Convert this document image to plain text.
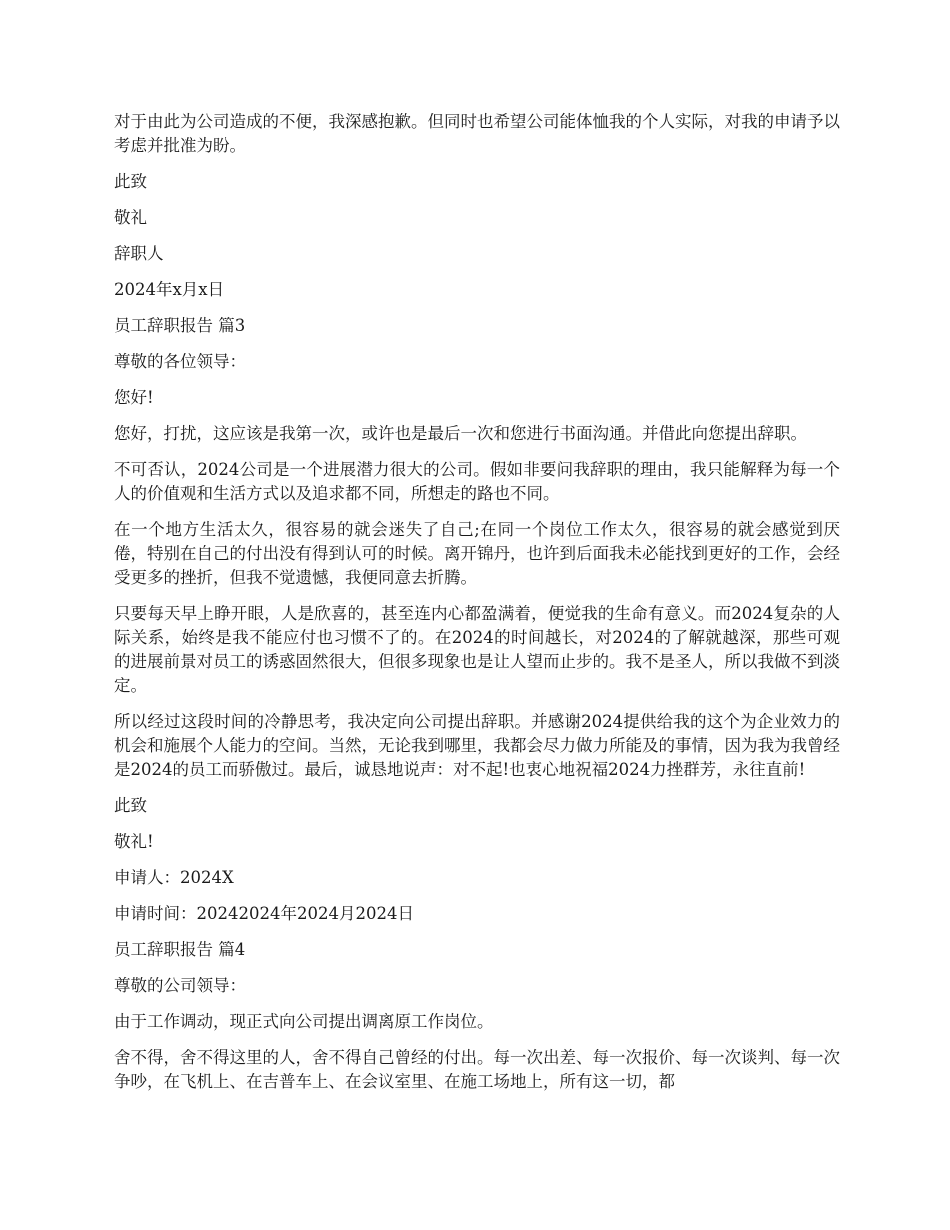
对于由此为公司造成的不便，我深感抱歉。但同时也希望公司能体恤我的个人实际，对我的申请予以考虑并批准为盼。

此致

敬礼

辞职人

2024年x月x日

员工辞职报告 篇3

尊敬的各位领导：

您好!

您好，打扰，这应该是我第一次，或许也是最后一次和您进行书面沟通。并借此向您提出辞职。

不可否认，2024公司是一个进展潜力很大的公司。假如非要问我辞职的理由，我只能解释为每一个人的价值观和生活方式以及追求都不同，所想走的路也不同。

在一个地方生活太久，很容易的就会迷失了自己;在同一个岗位工作太久，很容易的就会感觉到厌倦，特别在自己的付出没有得到认可的时候。离开锦丹，也许到后面我未必能找到更好的工作，会经受更多的挫折，但我不觉遗憾，我便同意去折腾。

只要每天早上睁开眼，人是欣喜的，甚至连内心都盈满着，便觉我的生命有意义。而2024复杂的人际关系，始终是我不能应付也习惯不了的。在2024的时间越长，对2024的了解就越深，那些可观的进展前景对员工的诱惑固然很大，但很多现象也是让人望而止步的。我不是圣人，所以我做不到淡定。

所以经过这段时间的冷静思考，我决定向公司提出辞职。并感谢2024提供给我的这个为企业效力的机会和施展个人能力的空间。当然，无论我到哪里，我都会尽力做力所能及的事情，因为我为我曾经是2024的员工而骄傲过。最后，诚恳地说声：对不起!也衷心地祝福2024力挫群芳，永往直前!

此致

敬礼!

申请人：2024X

申请时间：20242024年2024月2024日

员工辞职报告 篇4

尊敬的公司领导：

由于工作调动，现正式向公司提出调离原工作岗位。

舍不得，舍不得这里的人，舍不得自己曾经的付出。每一次出差、每一次报价、每一次谈判、每一次争吵，在飞机上、在吉普车上、在会议室里、在施工场地上，所有这一切，都
